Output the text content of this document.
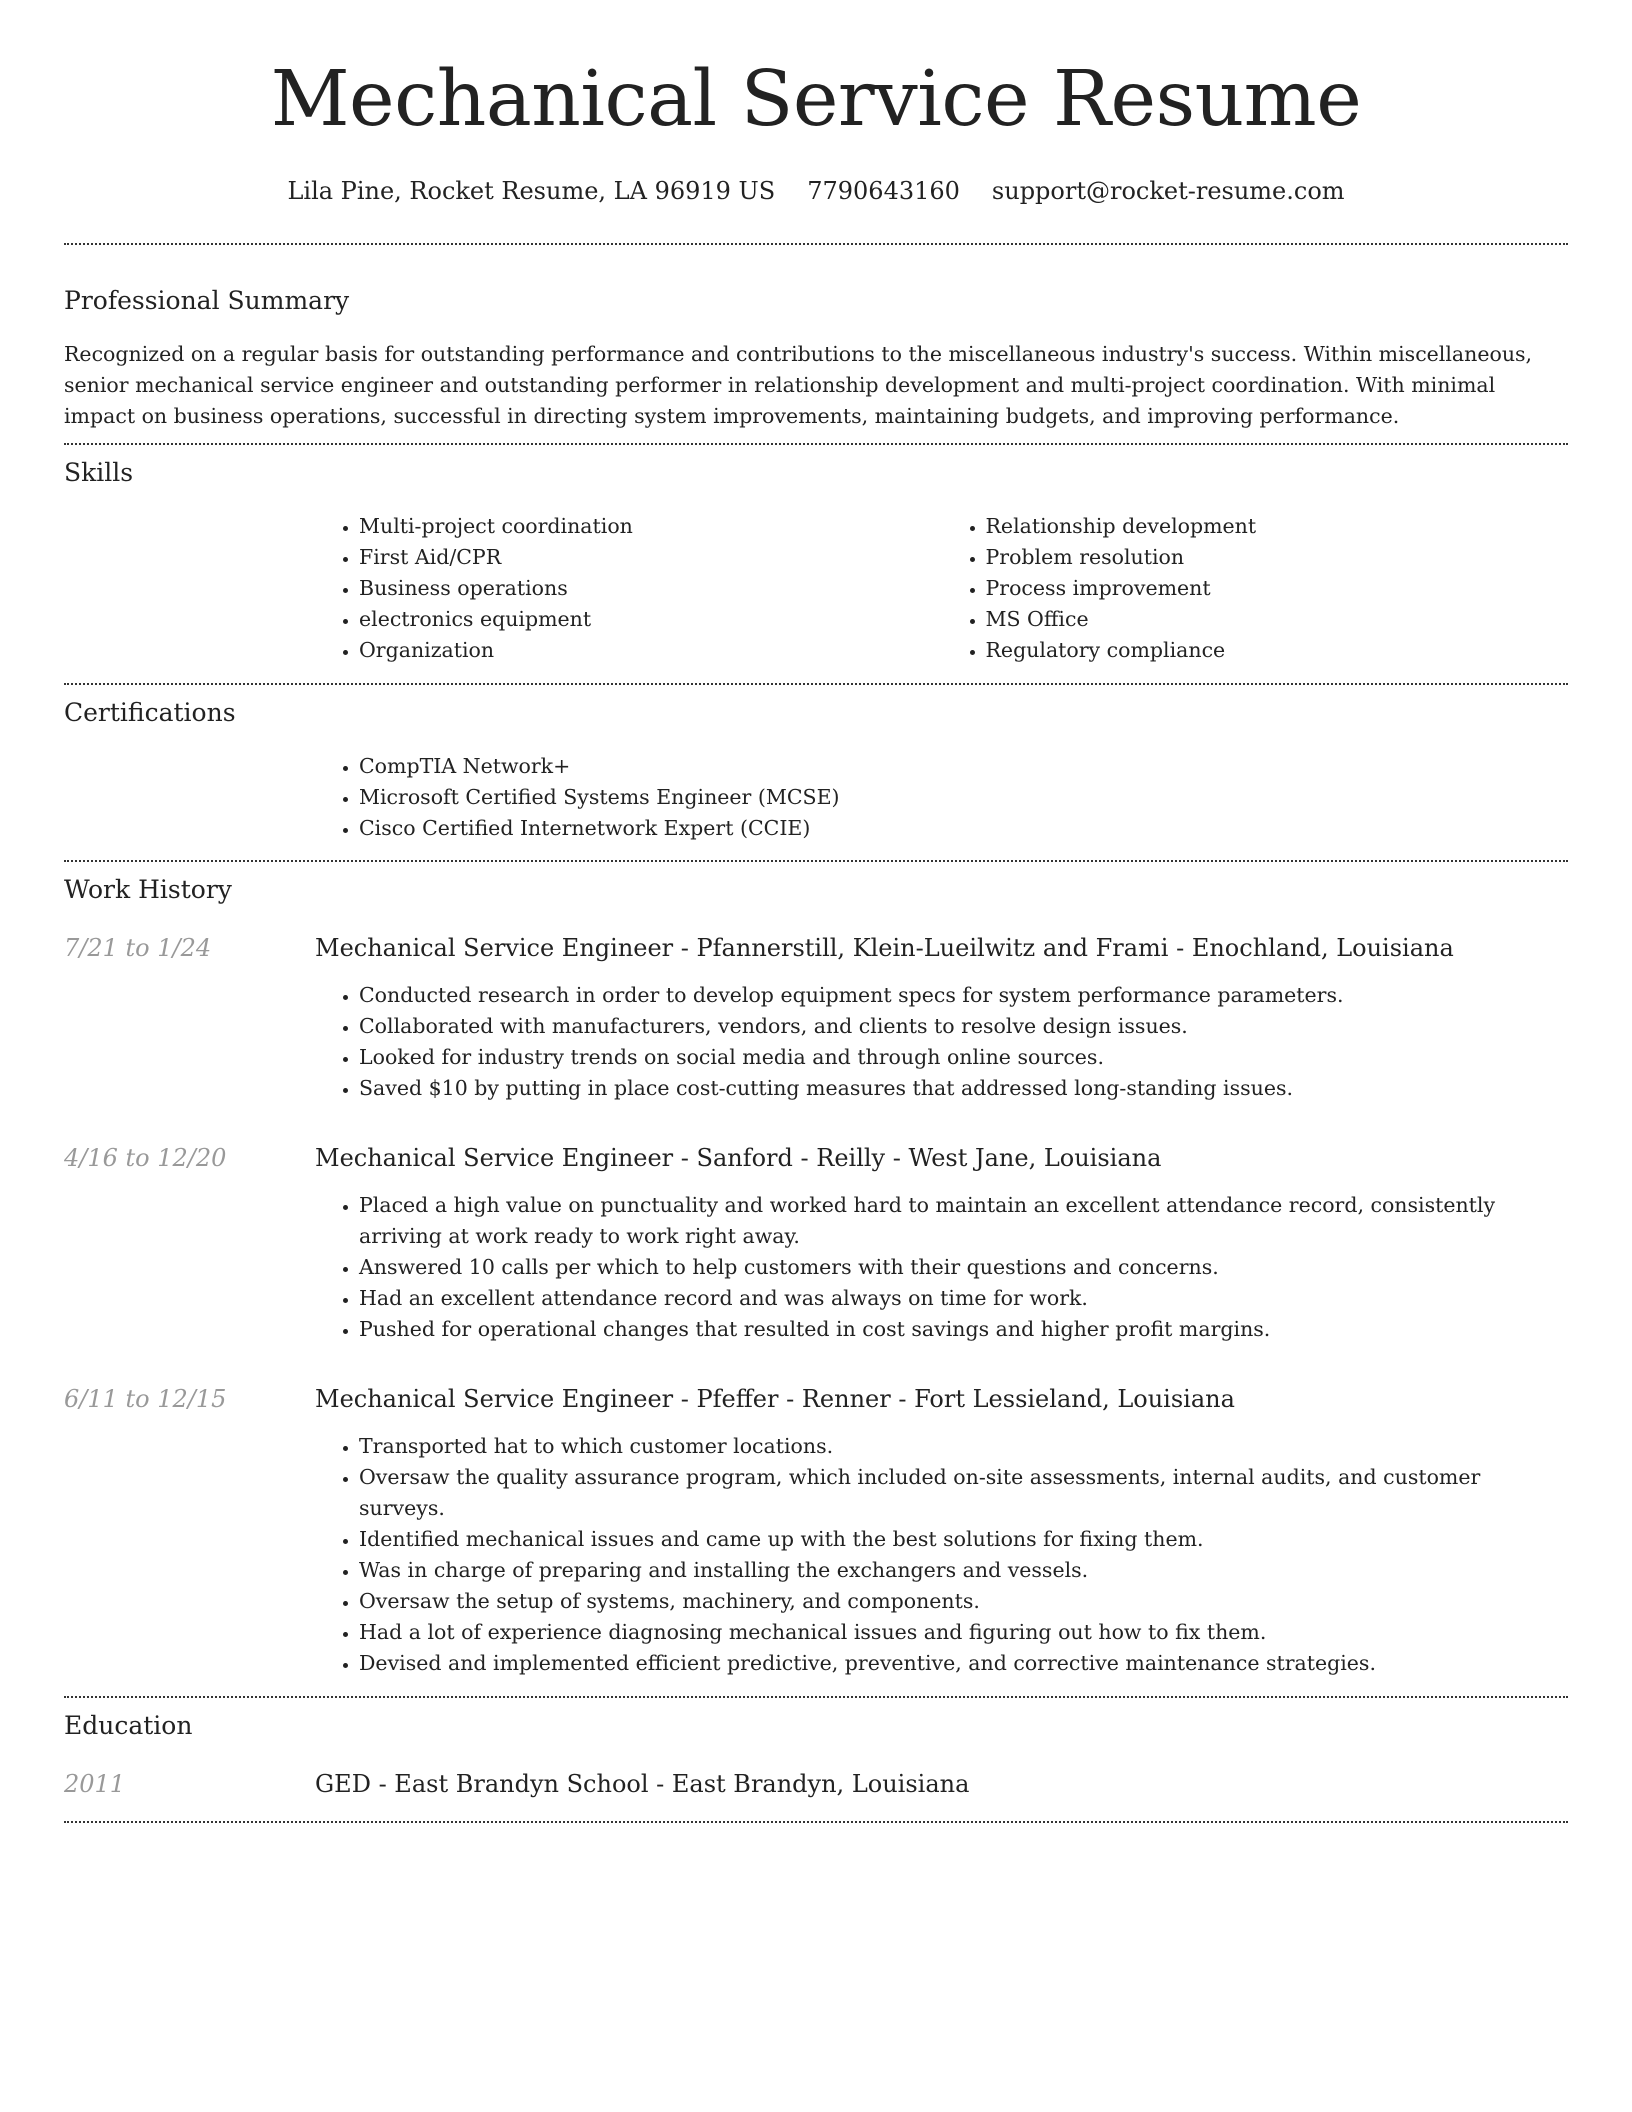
Mechanical Service Resume
Lila Pine, Rocket Resume, LA 96919 US 7790643160 support@rocket-resume.com
Professional Summary

Recognized on a regular basis for outstanding performance and contributions to the miscellaneous industry's success. Within miscellaneous, senior mechanical service engineer and outstanding performer in relationship development and multi-project coordination. With minimal impact on business operations, successful in directing system improvements, maintaining budgets, and improving performance.

Skills
• Multi-project coordination
• First Aid/CPR
• Business operations
• electronics equipment
• Organization
• Relationship development
• Problem resolution
• Process improvement
• MS Office
• Regulatory compliance
Certifications
• CompTIA Network+
• Microsoft Certified Systems Engineer (MCSE)
• Cisco Certified Internetwork Expert (CCIE)
Work History
7/21 to 1/24	Mechanical Service Engineer - Pfannerstill, Klein-Lueilwitz and Frami - Enochland, Louisiana

• Conducted research in order to develop equipment specs for system performance parameters.
• Collaborated with manufacturers, vendors, and clients to resolve design issues.
• Looked for industry trends on social media and through online sources.
• Saved $10 by putting in place cost-cutting measures that addressed long-standing issues.
4/16 to 12/20	Mechanical Service Engineer - Sanford - Reilly - West Jane, Louisiana

• Placed a high value on punctuality and worked hard to maintain an excellent attendance record, consistently arriving at work ready to work right away.
• Answered 10 calls per which to help customers with their questions and concerns.
• Had an excellent attendance record and was always on time for work.
• Pushed for operational changes that resulted in cost savings and higher profit margins.
6/11 to 12/15	Mechanical Service Engineer - Pfeffer - Renner - Fort Lessieland, Louisiana

• Transported hat to which customer locations.
• Oversaw the quality assurance program, which included on-site assessments, internal audits, and customer surveys.
• Identified mechanical issues and came up with the best solutions for fixing them.
• Was in charge of preparing and installing the exchangers and vessels.
• Oversaw the setup of systems, machinery, and components.
• Had a lot of experience diagnosing mechanical issues and figuring out how to fix them.
• Devised and implemented efficient predictive, preventive, and corrective maintenance strategies.
Education
2011	GED - East Brandyn School - East Brandyn, Louisiana
